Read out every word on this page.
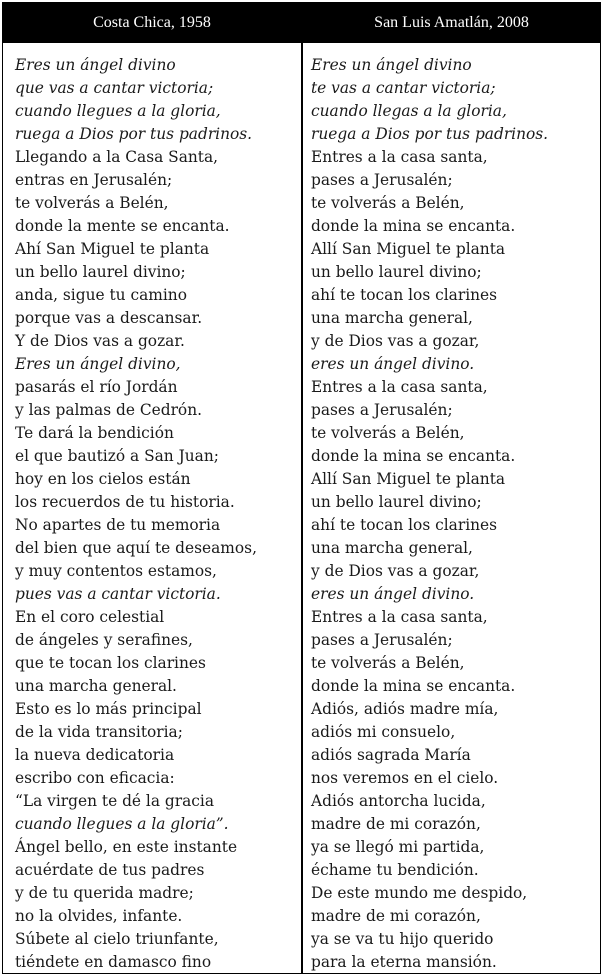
Costa Chica, 1958	San Luis Amatlán, 2008
Eres un ángel divino
que vas a cantar victoria;
cuando llegues a la gloria,
ruega a Dios por tus padrinos.
Llegando a la Casa Santa,
entras en Jerusalén;
te volverás a Belén,
donde la mente se encanta.
Ahí San Miguel te planta
un bello laurel divino;
anda, sigue tu camino
porque vas a descansar.
Y de Dios vas a gozar.
Eres un ángel divino,
pasarás el río Jordán
y las palmas de Cedrón.
Te dará la bendición
el que bautizó a San Juan;
hoy en los cielos están
los recuerdos de tu historia.
No apartes de tu memoria
del bien que aquí te deseamos,
y muy contentos estamos,
pues vas a cantar victoria.
En el coro celestial
de ángeles y serafines,
que te tocan los clarines
una marcha general.
Esto es lo más principal
de la vida transitoria;
la nueva dedicatoria
escribo con eficacia:
“La virgen te dé la gracia
cuando llegues a la gloria”.
Ángel bello, en este instante
acuérdate de tus padres
y de tu querida madre;
no la olvides, infante.
Súbete al cielo triunfante,
tiéndete en damasco fino
Eres un ángel divino
te vas a cantar victoria;
cuando llegas a la gloria,
ruega a Dios por tus padrinos.
Entres a la casa santa,
pases a Jerusalén;
te volverás a Belén,
donde la mina se encanta.
Allí San Miguel te planta
un bello laurel divino;
ahí te tocan los clarines
una marcha general,
y de Dios vas a gozar,
eres un ángel divino.
Entres a la casa santa,
pases a Jerusalén;
te volverás a Belén,
donde la mina se encanta.
Allí San Miguel te planta
un bello laurel divino;
ahí te tocan los clarines
una marcha general,
y de Dios vas a gozar,
eres un ángel divino.
Entres a la casa santa,
pases a Jerusalén;
te volverás a Belén,
donde la mina se encanta.
Adiós, adiós madre mía,
adiós mi consuelo,
adiós sagrada María
nos veremos en el cielo.
Adiós antorcha lucida,
madre de mi corazón,
ya se llegó mi partida,
échame tu bendición.
De este mundo me despido,
madre de mi corazón,
ya se va tu hijo querido
para la eterna mansión.
